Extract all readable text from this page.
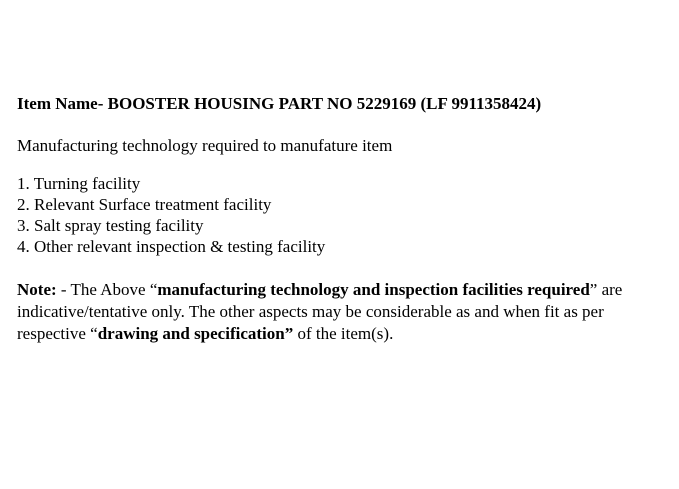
Item Name- BOOSTER HOUSING PART NO 5229169 (LF 9911358424)

Manufacturing technology required to manufature item

1. Turning facility
2. Relevant Surface treatment facility
3. Salt spray testing facility
4. Other relevant inspection & testing facility

Note: - The Above “manufacturing technology and inspection facilities required” are indicative/tentative only. The other aspects may be considerable as and when fit as per respective “drawing and specification” of the item(s).
